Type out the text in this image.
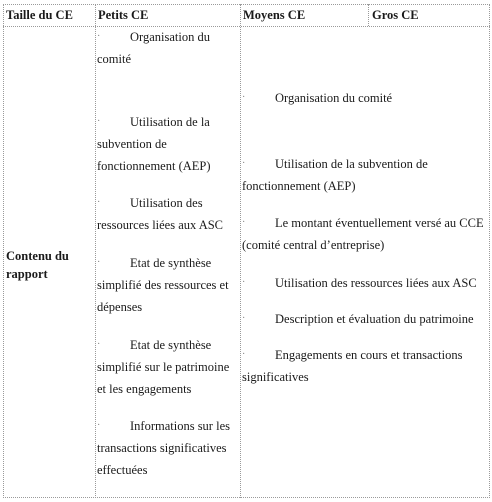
Taille du CE Petits CE	Moyens CE	Gros CE
Contenu du rapport
· Organisation du comité
· Utilisation de la subvention de fonctionnement (AEP)
· Utilisation des ressources liées aux ASC
· Etat de synthèse simplifié des ressources et dépenses
· Etat de synthèse simplifié sur le patrimoine et les engagements
· Informations sur les transactions significatives effectuées
· Organisation du comité
· Utilisation de la subvention de fonctionnement (AEP)
· Le montant éventuellement versé au CCE (comité central d’entreprise)
· Utilisation des ressources liées aux ASC
· Description et évaluation du patrimoine
· Engagements en cours et transactions significatives
